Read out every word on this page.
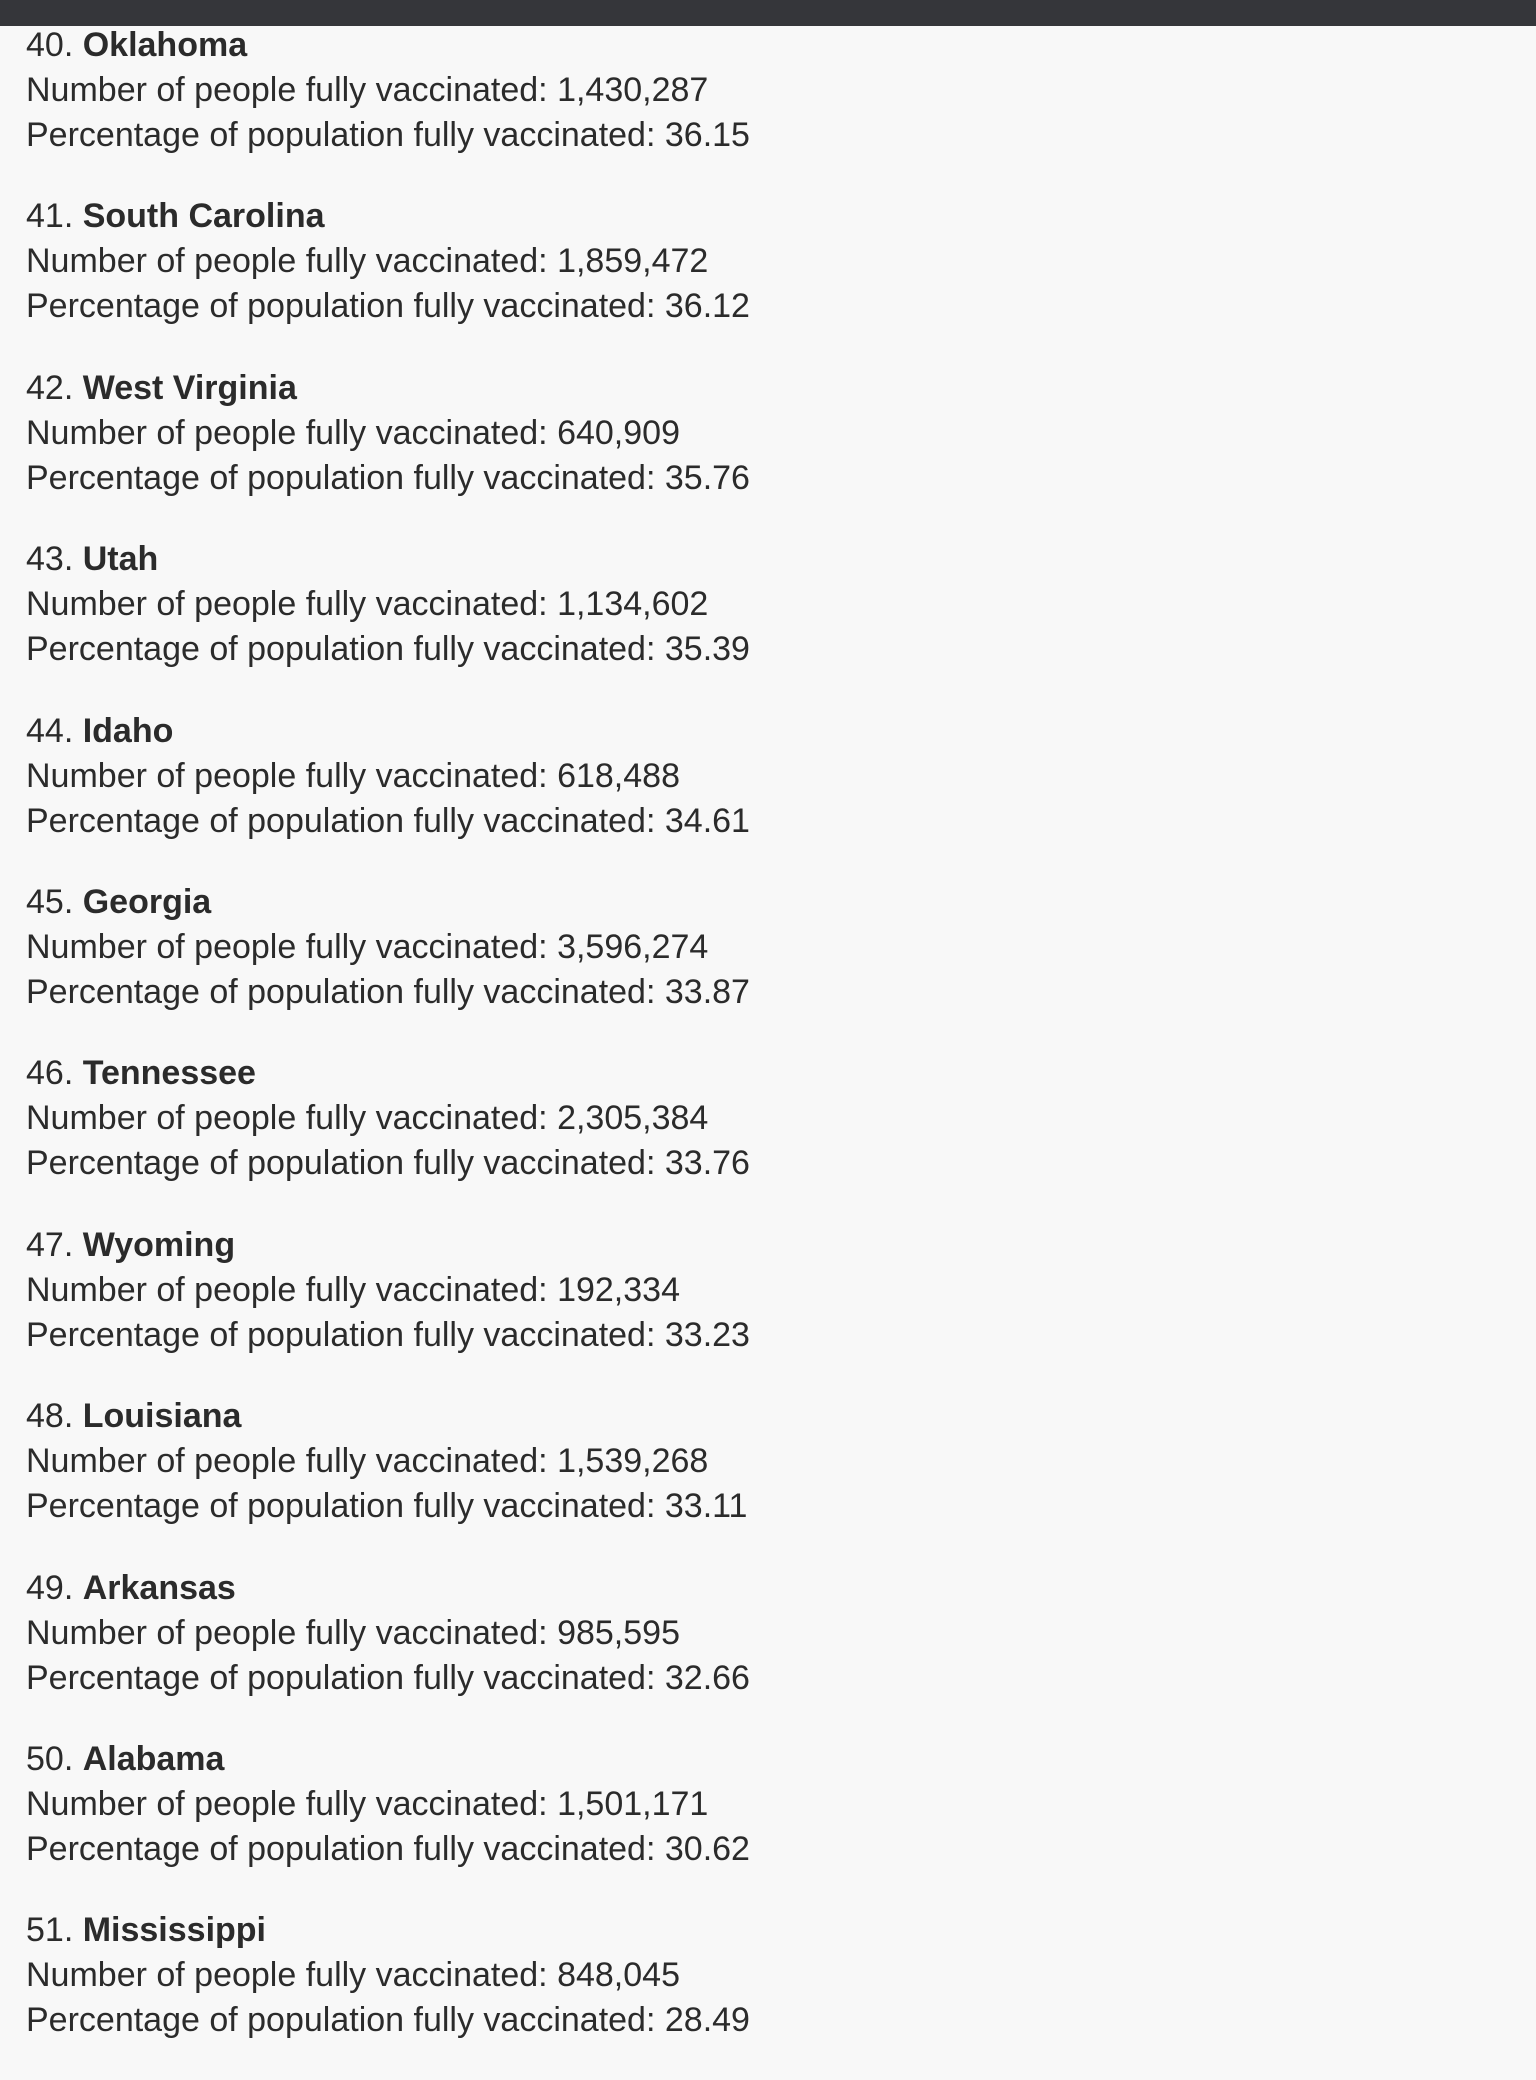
40. Oklahoma
Number of people fully vaccinated: 1,430,287
Percentage of population fully vaccinated: 36.15
41. South Carolina
Number of people fully vaccinated: 1,859,472
Percentage of population fully vaccinated: 36.12
42. West Virginia
Number of people fully vaccinated: 640,909
Percentage of population fully vaccinated: 35.76
43. Utah
Number of people fully vaccinated: 1,134,602
Percentage of population fully vaccinated: 35.39
44. Idaho
Number of people fully vaccinated: 618,488
Percentage of population fully vaccinated: 34.61
45. Georgia
Number of people fully vaccinated: 3,596,274
Percentage of population fully vaccinated: 33.87
46. Tennessee
Number of people fully vaccinated: 2,305,384
Percentage of population fully vaccinated: 33.76
47. Wyoming
Number of people fully vaccinated: 192,334
Percentage of population fully vaccinated: 33.23
48. Louisiana
Number of people fully vaccinated: 1,539,268
Percentage of population fully vaccinated: 33.11
49. Arkansas
Number of people fully vaccinated: 985,595
Percentage of population fully vaccinated: 32.66
50. Alabama
Number of people fully vaccinated: 1,501,171
Percentage of population fully vaccinated: 30.62
51. Mississippi
Number of people fully vaccinated: 848,045
Percentage of population fully vaccinated: 28.49
